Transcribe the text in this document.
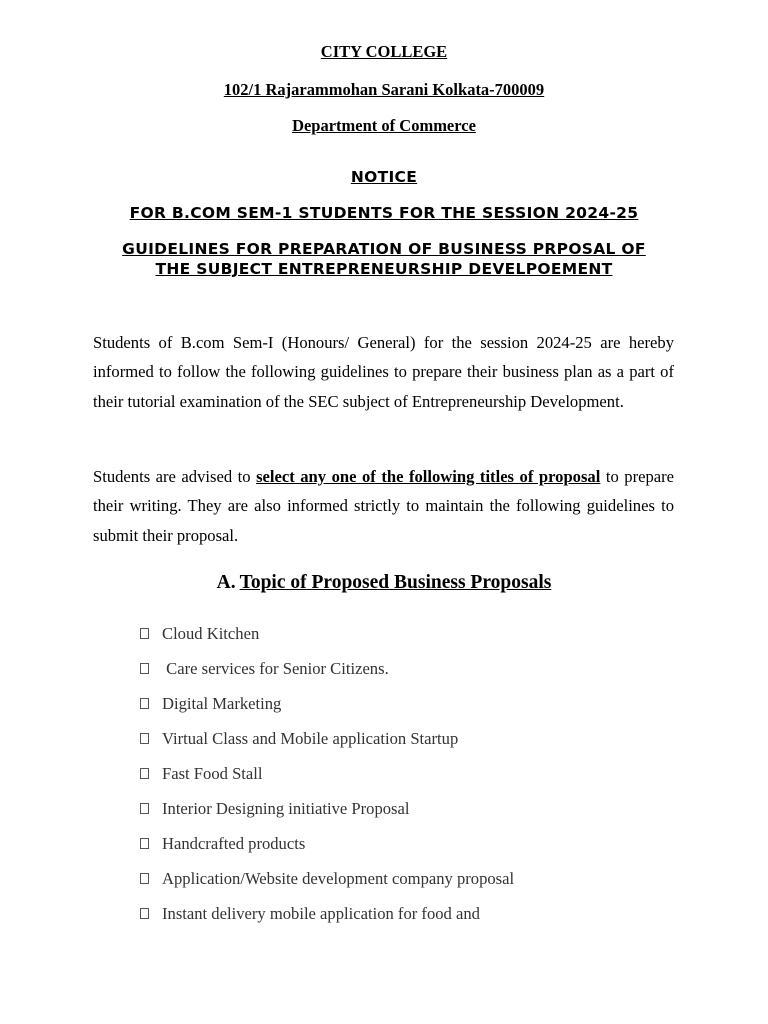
CITY COLLEGE
102/1 Rajarammohan Sarani Kolkata-700009
Department of Commerce
NOTICE
FOR B.COM SEM-1 STUDENTS FOR THE SESSION 2024-25
GUIDELINES FOR PREPARATION OF BUSINESS PRPOSAL OF
THE SUBJECT ENTREPRENEURSHIP DEVELPOEMENT
Students of B.com Sem-I (Honours/ General) for the session 2024-25 are hereby informed to follow the following guidelines to prepare their business plan as a part of their tutorial examination of the SEC subject of Entrepreneurship Development.
Students are advised to select any one of the following titles of proposal to prepare their writing. They are also informed strictly to maintain the following guidelines to submit their proposal.
A. Topic of Proposed Business Proposals
Cloud Kitchen
Care services for Senior Citizens.
Digital Marketing
Virtual Class and Mobile application Startup
Fast Food Stall
Interior Designing initiative Proposal
Handcrafted products
Application/Website development company proposal
Instant delivery mobile application for food and
